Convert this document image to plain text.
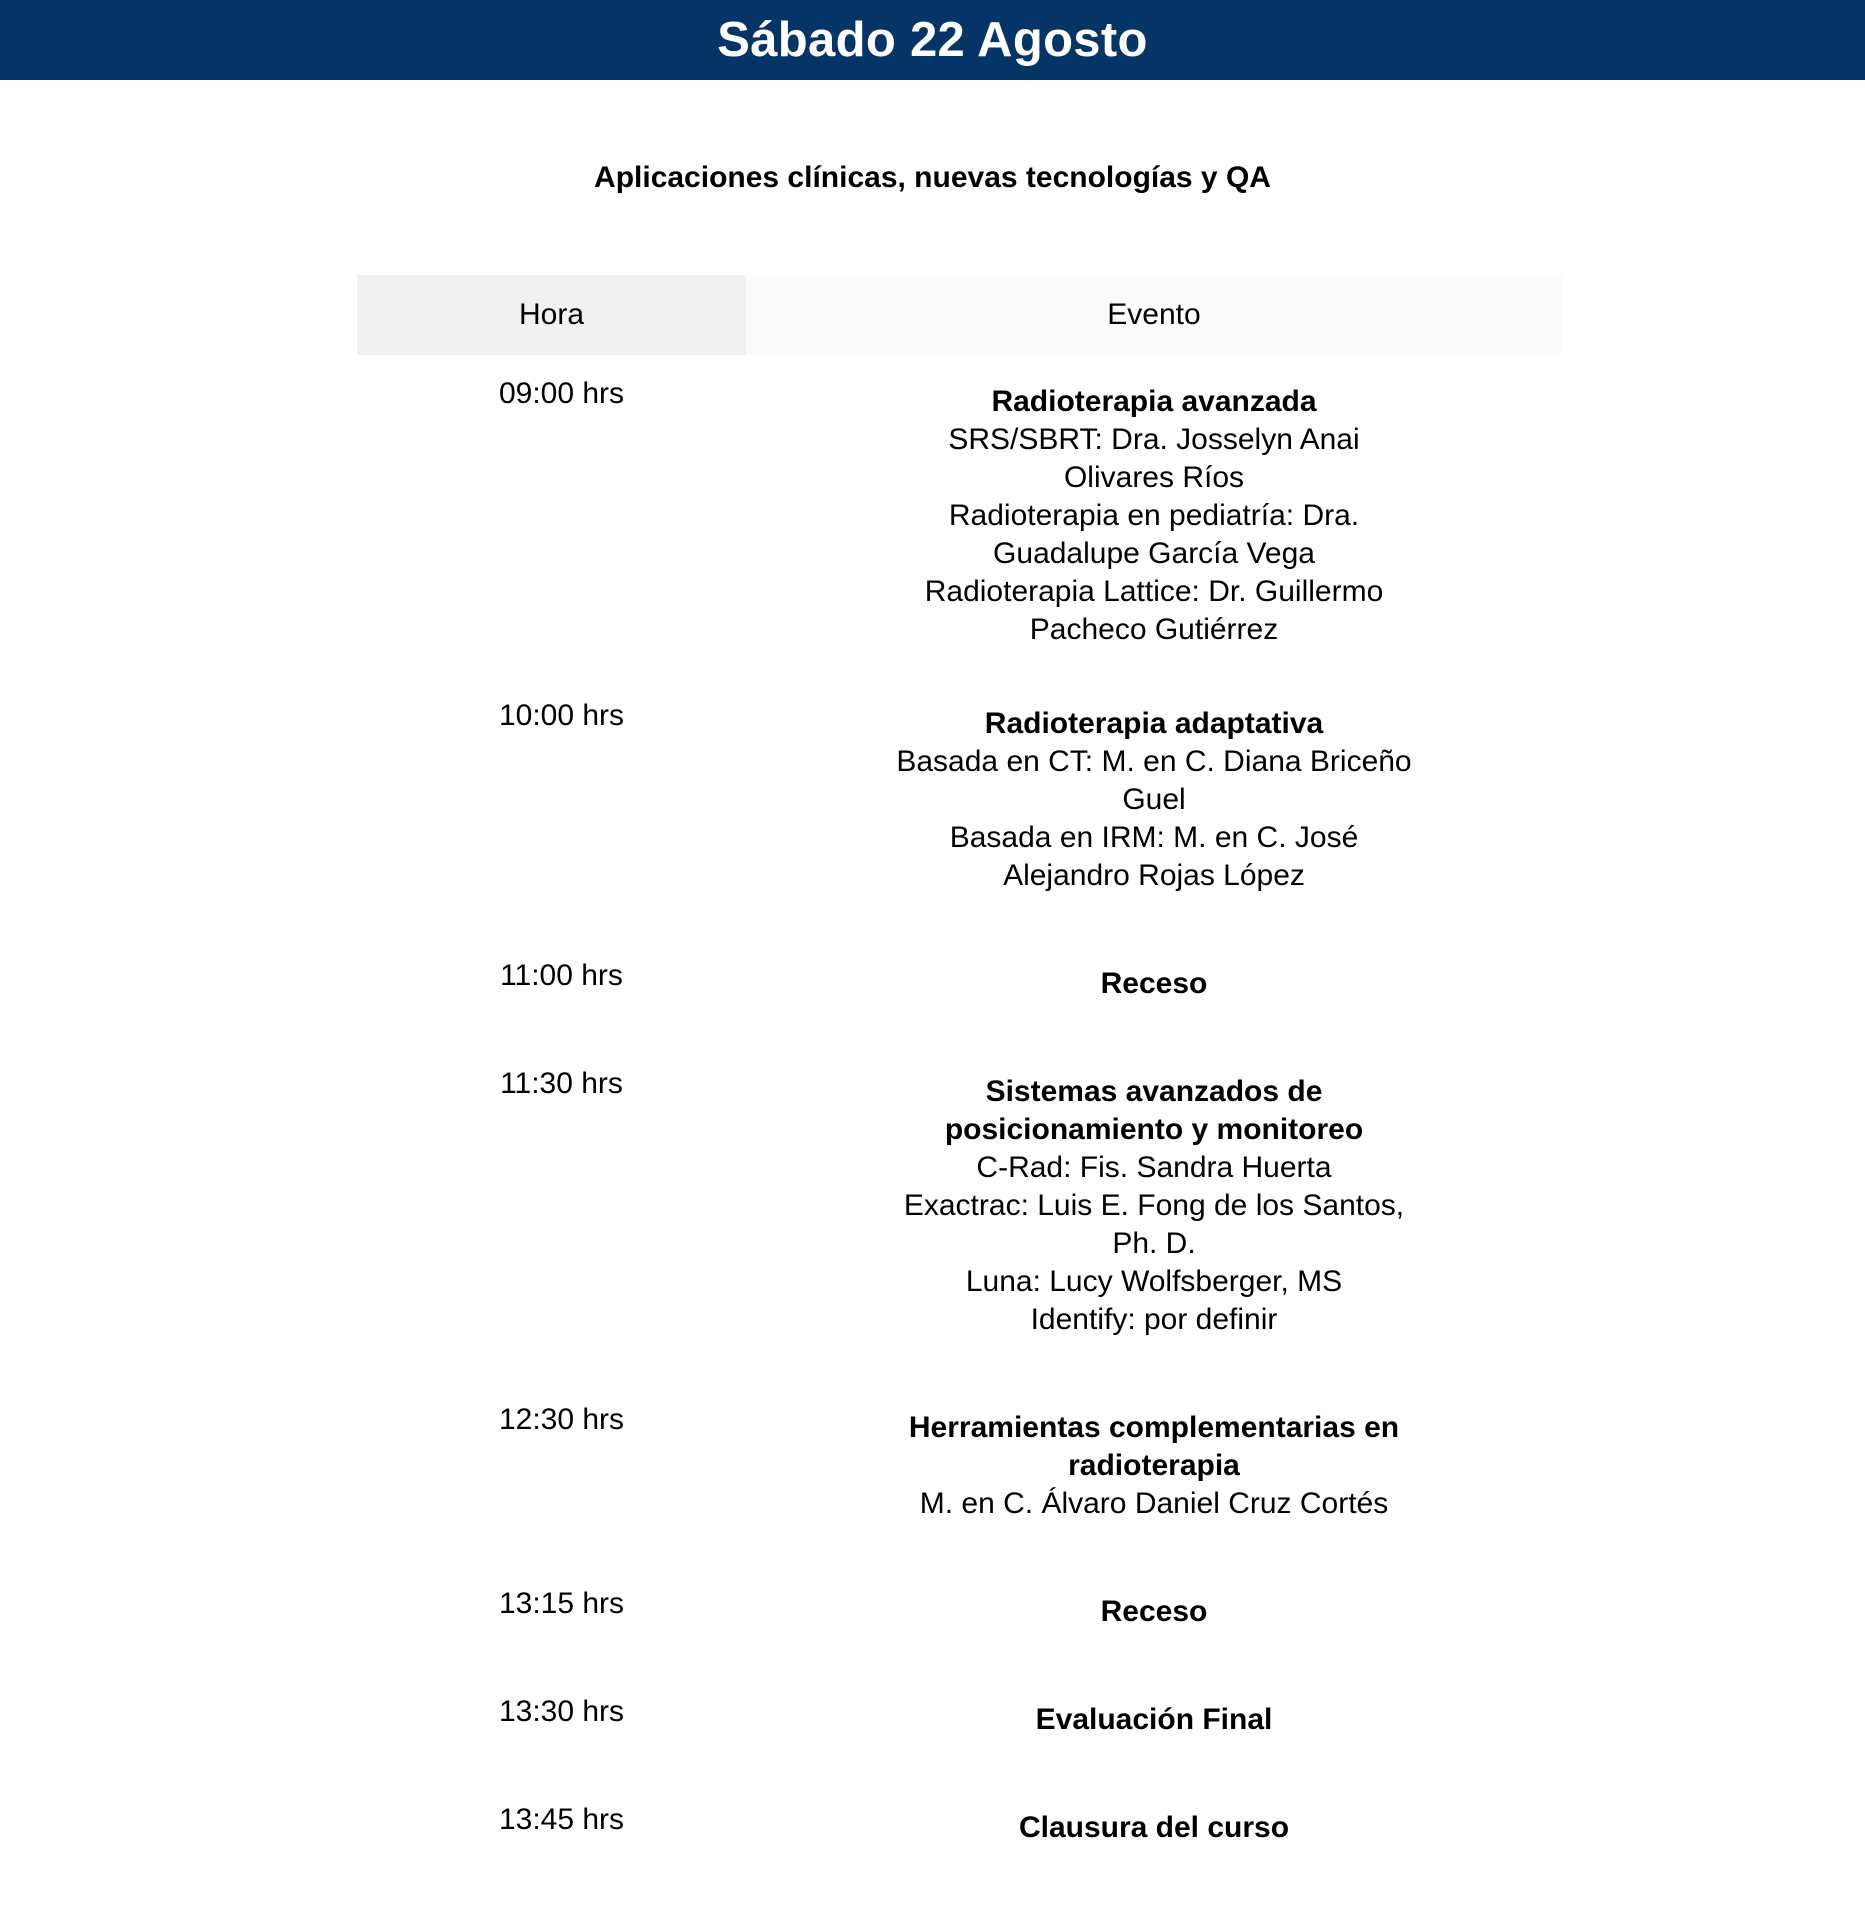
Sábado 22 Agosto
Aplicaciones clínicas, nuevas tecnologías y QA
Hora	Evento
09:00 hrs	Radioterapia avanzada
SRS/SBRT: Dra. Josselyn Anai Olivares Ríos
Radioterapia en pediatría: Dra. Guadalupe García Vega
Radioterapia Lattice: Dr. Guillermo Pacheco Gutiérrez
10:00 hrs	Radioterapia adaptativa
Basada en CT: M. en C. Diana Briceño Guel
Basada en IRM: M. en C. José Alejandro Rojas López
11:00 hrs	Receso
11:30 hrs	Sistemas avanzados de posicionamiento y monitoreo
C-Rad: Fis. Sandra Huerta
Exactrac: Luis E. Fong de los Santos, Ph. D.
Luna: Lucy Wolfsberger, MS
Identify: por definir
12:30 hrs	Herramientas complementarias en radioterapia
M. en C. Álvaro Daniel Cruz Cortés
13:15 hrs	Receso
13:30 hrs	Evaluación Final
13:45 hrs	Clausura del curso
